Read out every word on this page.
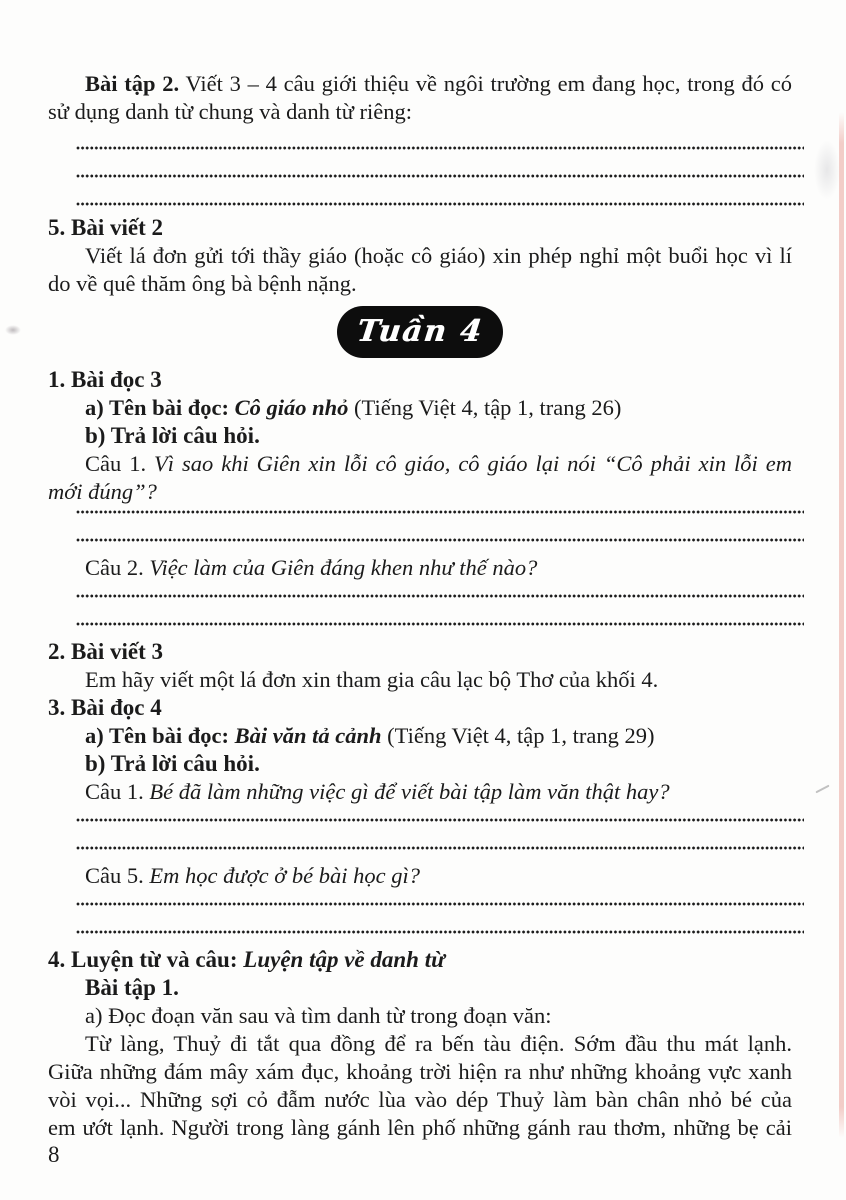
Bài tập 2. Viết 3 – 4 câu giới thiệu về ngôi trường em đang học, trong đó có
sử dụng danh từ chung và danh từ riêng:
5. Bài viết 2
Viết lá đơn gửi tới thầy giáo (hoặc cô giáo) xin phép nghỉ một buổi học vì lí
do về quê thăm ông bà bệnh nặng.
Tuần 4
1. Bài đọc 3
a) Tên bài đọc: Cô giáo nhỏ (Tiếng Việt 4, tập 1, trang 26)
b) Trả lời câu hỏi.
Câu 1. Vì sao khi Giên xin lỗi cô giáo, cô giáo lại nói “Cô phải xin lỗi em
mới đúng”?
Câu 2. Việc làm của Giên đáng khen như thế nào?
2. Bài viết 3
Em hãy viết một lá đơn xin tham gia câu lạc bộ Thơ của khối 4.
3. Bài đọc 4
a) Tên bài đọc: Bài văn tả cảnh (Tiếng Việt 4, tập 1, trang 29)
b) Trả lời câu hỏi.
Câu 1. Bé đã làm những việc gì để viết bài tập làm văn thật hay?
Câu 5. Em học được ở bé bài học gì?
4. Luyện từ và câu: Luyện tập về danh từ
Bài tập 1.
a) Đọc đoạn văn sau và tìm danh từ trong đoạn văn:
Từ làng, Thuỷ đi tắt qua đồng để ra bến tàu điện. Sớm đầu thu mát lạnh.
Giữa những đám mây xám đục, khoảng trời hiện ra như những khoảng vực xanh
vòi vọi... Những sợi cỏ đẫm nước lùa vào dép Thuỷ làm bàn chân nhỏ bé của
em ướt lạnh. Người trong làng gánh lên phố những gánh rau thơm, những bẹ cải
8
